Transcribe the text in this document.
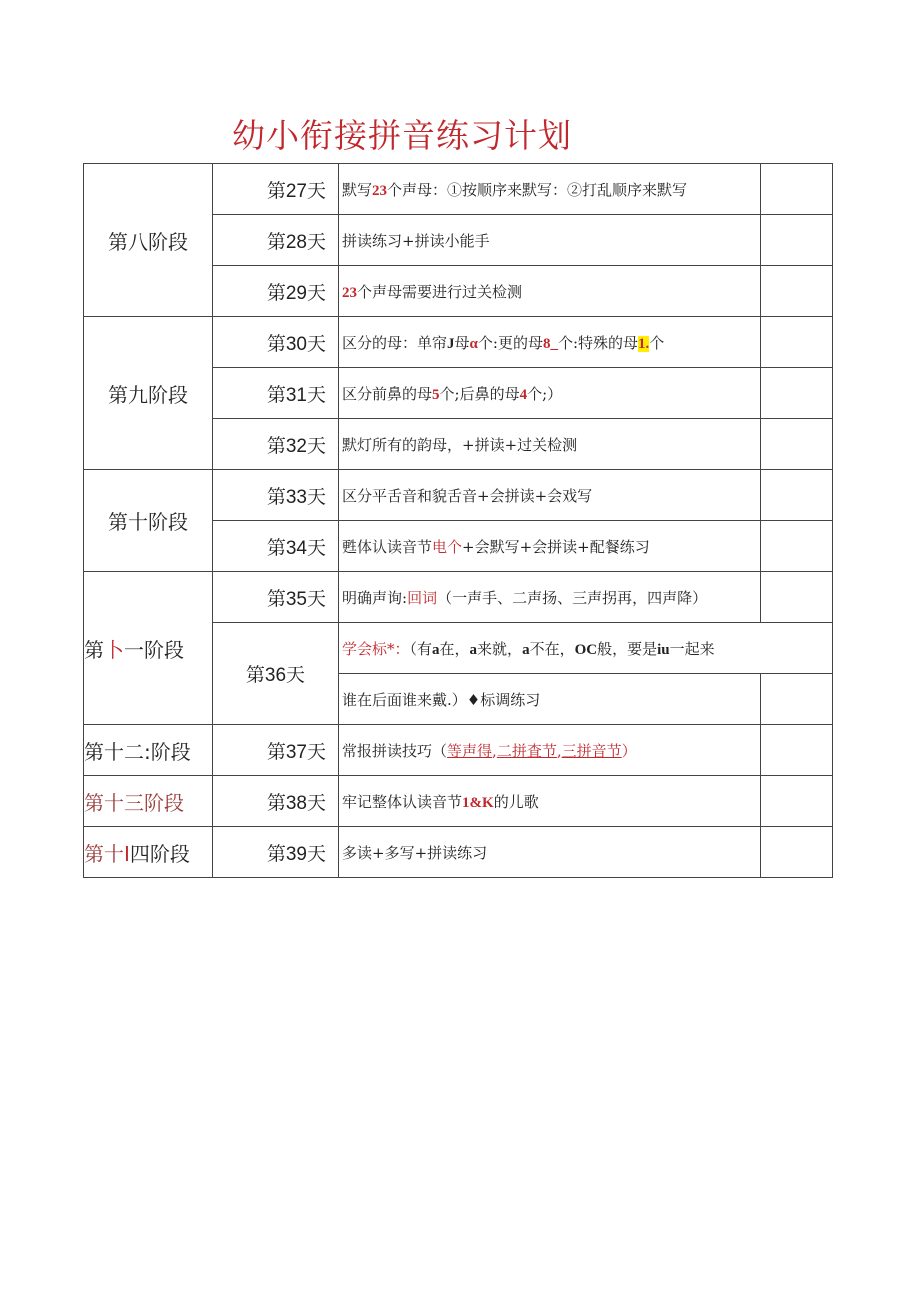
幼小衔接拼音练习计划
第八阶段	第27天	默写23个声母：①按顺序来默写：②打乱顺序来默写	
	第28天	拼读练习+拼读小能手	
	第29天	23个声母需要进行过关检测	
第九阶段	第30天	区分的母：单帘J母α个:更的母8_个:特殊的母1.个	
	第31天	区分前鼻的母5个;后鼻的母4个;）	
	第32天	默灯所有的韵母，+拼读+过关检测	
第十阶段	第33天	区分平舌音和貌舌音+会拼读+会戏写	
	第34天	甦体认读音节电个+会默写+会拼读+配餐练习	
第卜一阶段	第35天	明确声询:回词（一声手、二声扬、三声拐再，四声降）	
	第36天	学会标*：（有a在，a来就，a不在，OC般，要是iu一起来	
		谁在后面谁来戴.）♦标调练习	
第十二:阶段	第37天	常报拼读技巧（等声得,二拼査节,三拼音节）	
第十三阶段	第38天	牢记整体认读音节1&K的儿歌	
第十I四阶段	第39天	多读+多写+拼读练习	
